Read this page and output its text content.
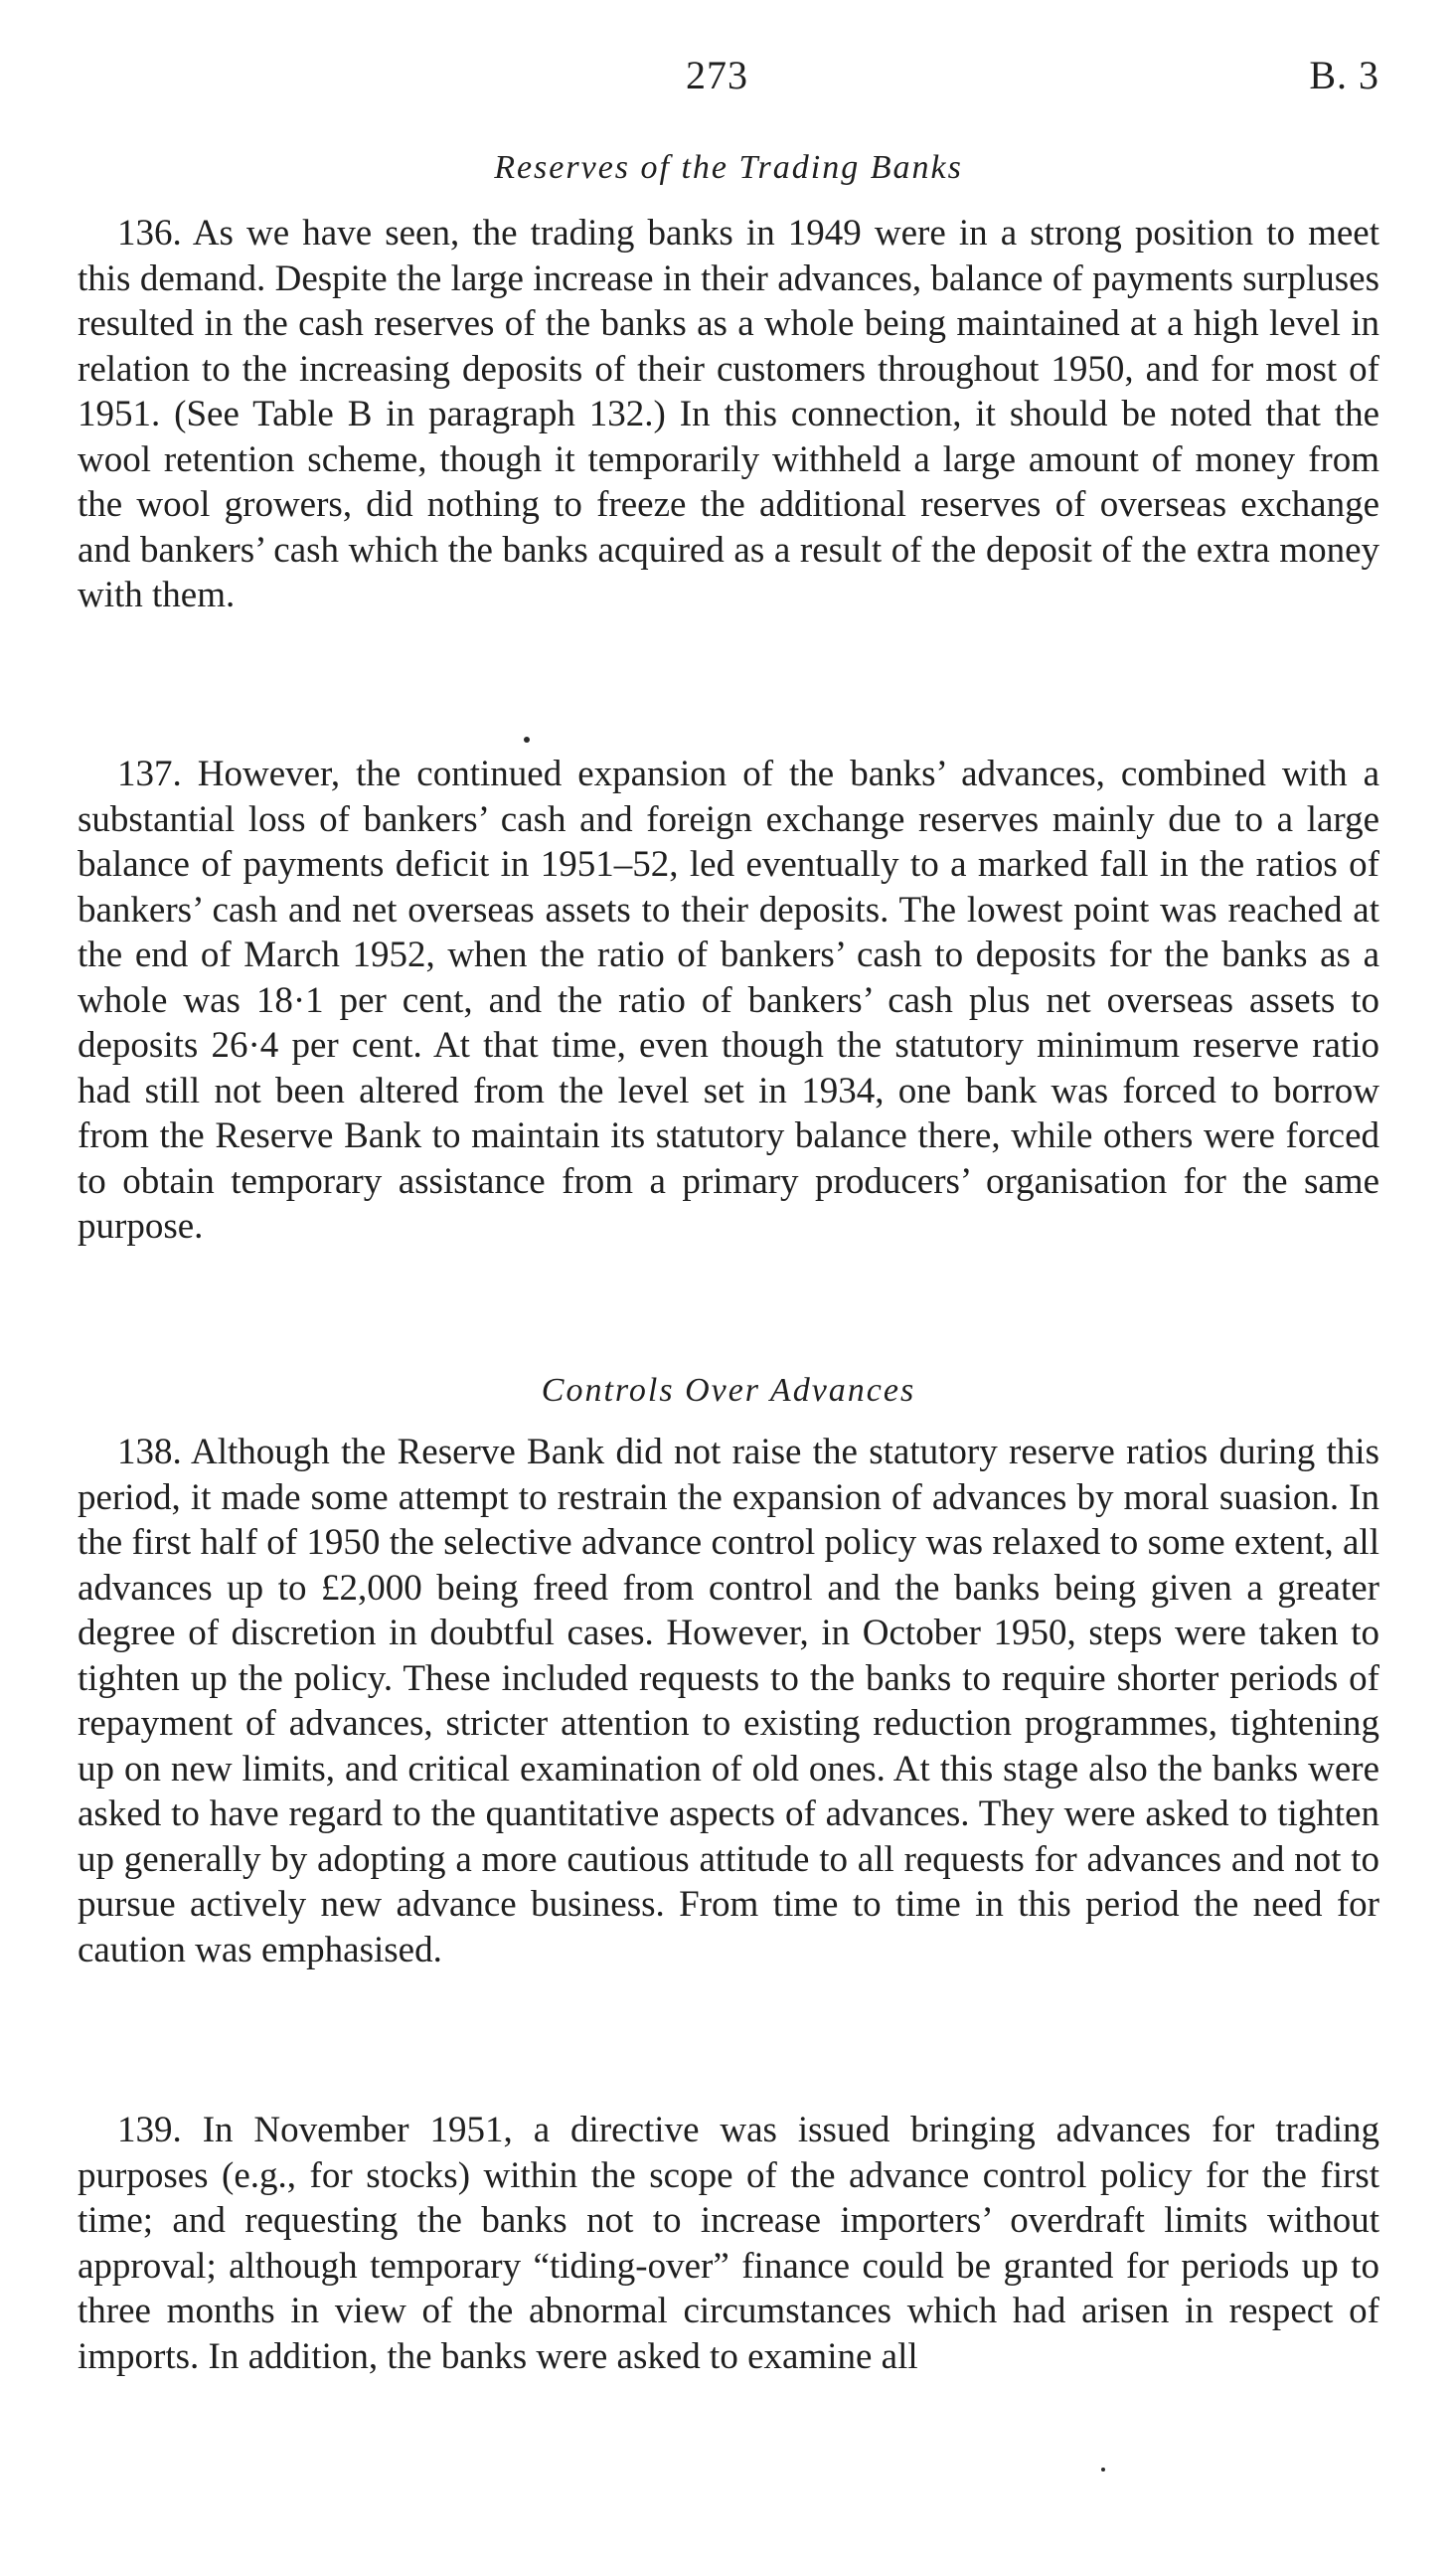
273	B. 3
Reserves of the Trading Banks

136. As we have seen, the trading banks in 1949 were in a strong position to meet this demand. Despite the large increase in their advances, balance of payments surpluses resulted in the cash reserves of the banks as a whole being maintained at a high level in relation to the increasing deposits of their customers throughout 1950, and for most of 1951. (See Table B in paragraph 132.) In this connection, it should be noted that the wool retention scheme, though it temporarily withheld a large amount of money from the wool growers, did nothing to freeze the additional reserves of overseas exchange and bankers’ cash which the banks acquired as a result of the deposit of the extra money with them.

137. However, the continued expansion of the banks’ advances, combined with a substantial loss of bankers’ cash and foreign exchange reserves mainly due to a large balance of payments deficit in 1951–52, led eventually to a marked fall in the ratios of bankers’ cash and net overseas assets to their deposits. The lowest point was reached at the end of March 1952, when the ratio of bankers’ cash to deposits for the banks as a whole was 18·1 per cent, and the ratio of bankers’ cash plus net overseas assets to deposits 26·4 per cent. At that time, even though the statutory minimum reserve ratio had still not been altered from the level set in 1934, one bank was forced to borrow from the Reserve Bank to maintain its statutory balance there, while others were forced to obtain temporary assistance from a primary producers’ organisation for the same purpose.

Controls Over Advances

138. Although the Reserve Bank did not raise the statutory reserve ratios during this period, it made some attempt to restrain the expansion of advances by moral suasion. In the first half of 1950 the selective advance control policy was relaxed to some extent, all advances up to £2,000 being freed from control and the banks being given a greater degree of discretion in doubtful cases. However, in October 1950, steps were taken to tighten up the policy. These included requests to the banks to require shorter periods of repayment of advances, stricter attention to existing reduction programmes, tightening up on new limits, and critical examination of old ones. At this stage also the banks were asked to have regard to the quantitative aspects of advances. They were asked to tighten up generally by adopting a more cautious attitude to all requests for advances and not to pursue actively new advance business. From time to time in this period the need for caution was emphasised.

139. In November 1951, a directive was issued bringing advances for trading purposes (e.g., for stocks) within the scope of the advance control policy for the first time; and requesting the banks not to increase importers’ overdraft limits without approval; although temporary “tiding-over” finance could be granted for periods up to three months in view of the abnormal circumstances which had arisen in respect of imports. In addition, the banks were asked to examine all
